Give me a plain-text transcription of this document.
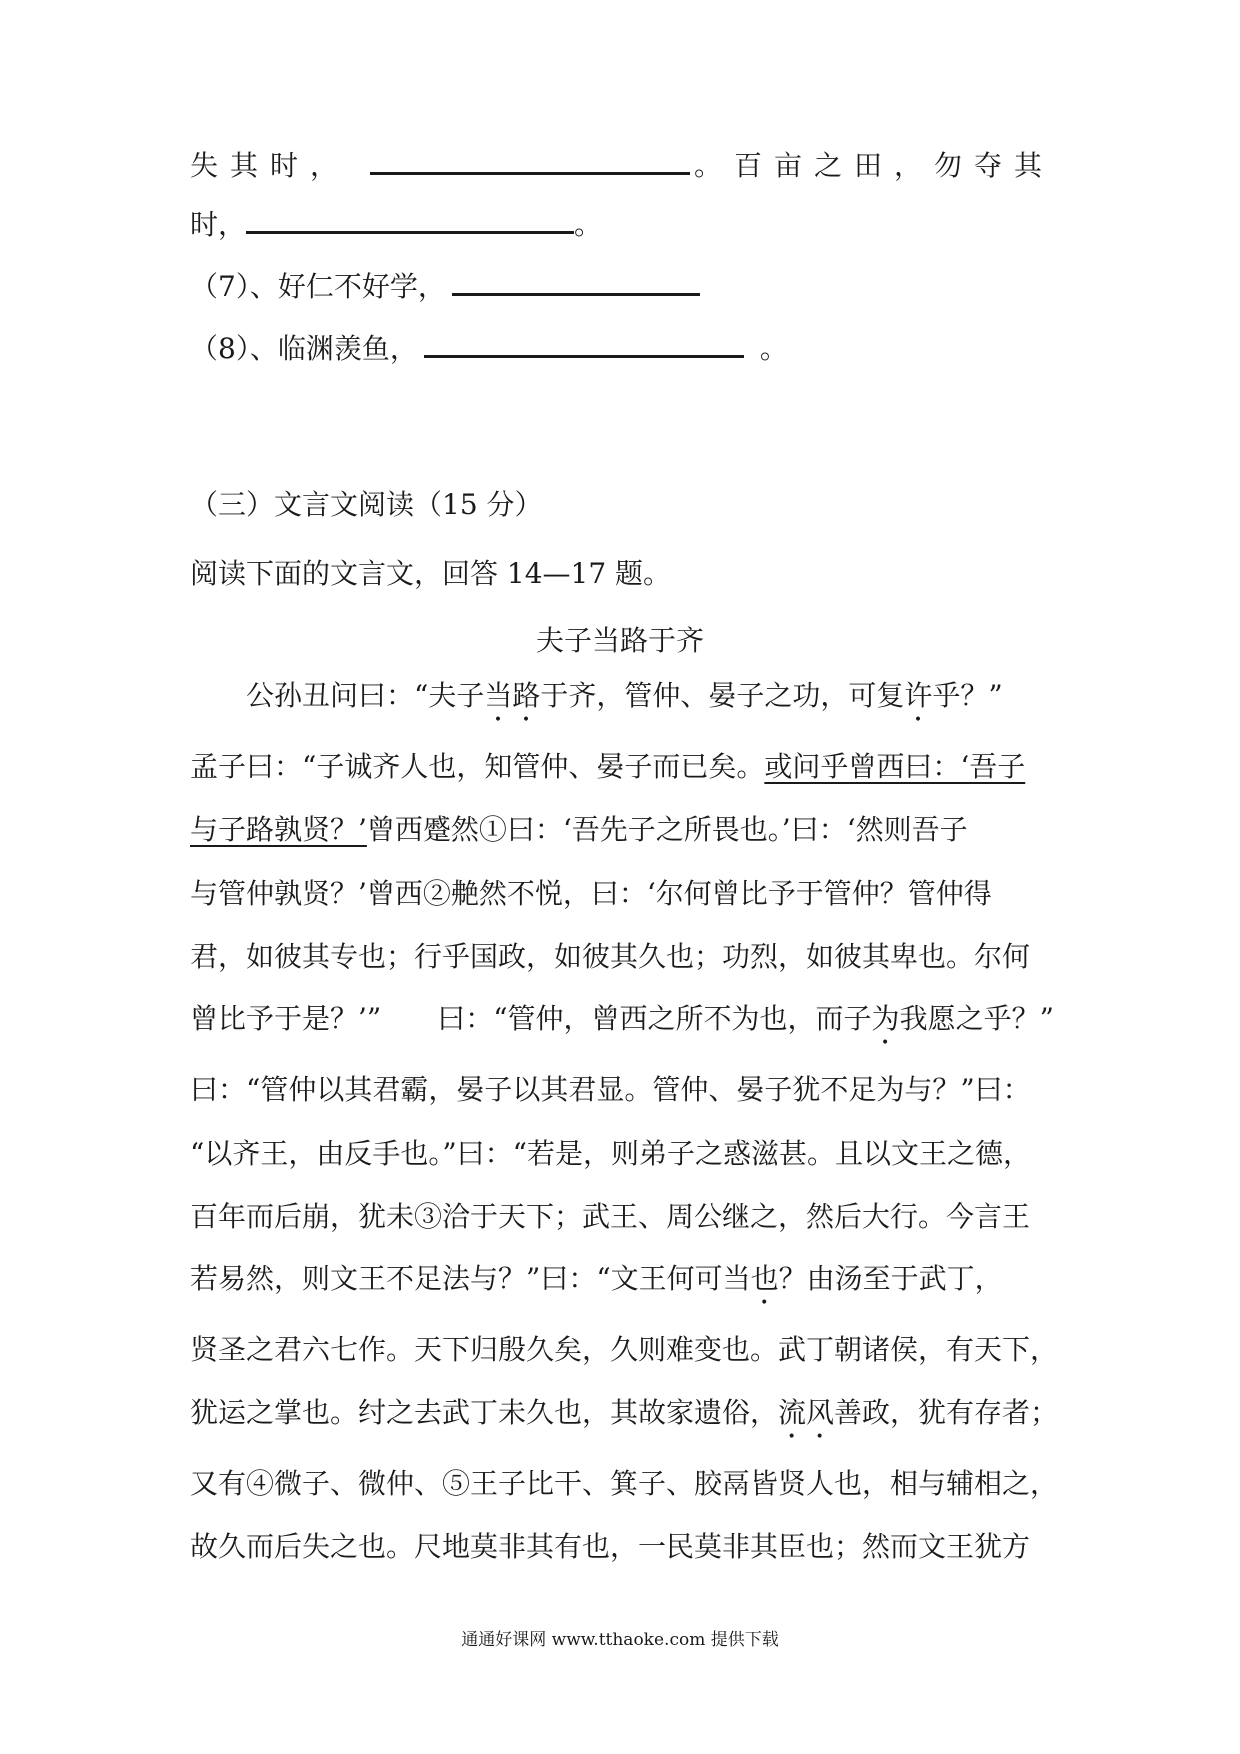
失其时，	。百亩之田，勿夺其
时，	。
（7）、好仁不好学，
（8）、临渊羡鱼，	。
（三）文言文阅读（15 分）
阅读下面的文言文，回答 14—17 题。
夫子当路于齐
公孙丑问曰：“夫子当路于齐，管仲、晏子之功，可复许乎？”
孟子曰：“子诚齐人也，知管仲、晏子而已矣。或问乎曾西曰：‘吾子
与子路孰贤？’曾西蹙然①曰：‘吾先子之所畏也。’曰：‘然则吾子
与管仲孰贤？’曾西②艴然不悦，曰：‘尔何曾比予于管仲？管仲得
君，如彼其专也；行乎国政，如彼其久也；功烈，如彼其卑也。尔何
曾比予于是？’”　　曰：“管仲，曾西之所不为也，而子为我愿之乎？”
曰：“管仲以其君霸，晏子以其君显。管仲、晏子犹不足为与？”曰：
“以齐王，由反手也。”曰：“若是，则弟子之惑滋甚。且以文王之德，
百年而后崩，犹未③洽于天下；武王、周公继之，然后大行。今言王
若易然，则文王不足法与？”曰：“文王何可当也？由汤至于武丁，
贤圣之君六七作。天下归殷久矣，久则难变也。武丁朝诸侯，有天下，
犹运之掌也。纣之去武丁未久也，其故家遗俗，流风善政，犹有存者；
又有④微子、微仲、⑤王子比干、箕子、胶鬲皆贤人也，相与辅相之，
故久而后失之也。尺地莫非其有也，一民莫非其臣也；然而文王犹方
通通好课网 www.tthaoke.com 提供下载
